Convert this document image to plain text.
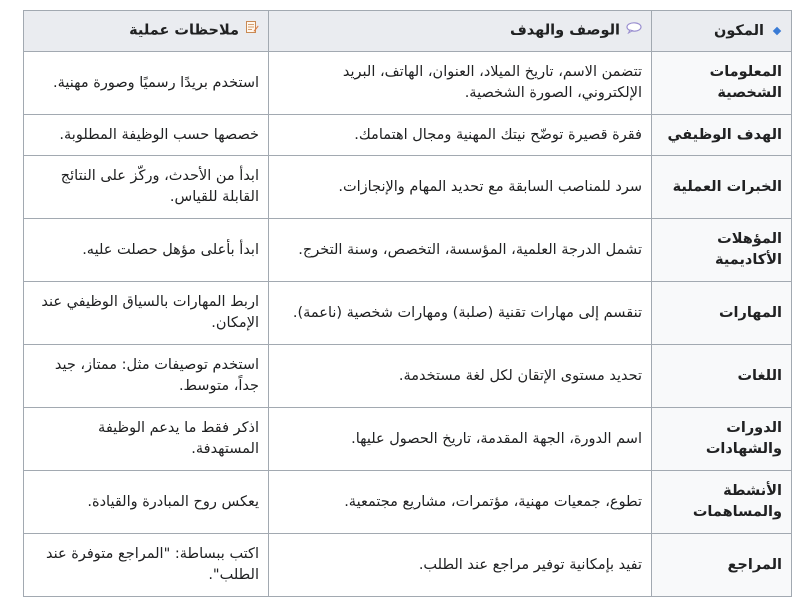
المكون	الوصف والهدف	ملاحظات عملية
المعلومات الشخصية	تتضمن الاسم، تاريخ الميلاد، العنوان، الهاتف، البريد الإلكتروني، الصورة الشخصية.	استخدم بريدًا رسميًا وصورة مهنية.
الهدف الوظيفي	فقرة قصيرة توضّح نيتك المهنية ومجال اهتمامك.	خصصها حسب الوظيفة المطلوبة.
الخبرات العملية	سرد للمناصب السابقة مع تحديد المهام والإنجازات.	ابدأ من الأحدث، وركّز على النتائج القابلة للقياس.
المؤهلات الأكاديمية	تشمل الدرجة العلمية، المؤسسة، التخصص، وسنة التخرج.	ابدأ بأعلى مؤهل حصلت عليه.
المهارات	تنقسم إلى مهارات تقنية (صلبة) ومهارات شخصية (ناعمة).	اربط المهارات بالسياق الوظيفي عند الإمكان.
اللغات	تحديد مستوى الإتقان لكل لغة مستخدمة.	استخدم توصيفات مثل: ممتاز، جيد جداً، متوسط.
الدورات والشهادات	اسم الدورة، الجهة المقدمة، تاريخ الحصول عليها.	اذكر فقط ما يدعم الوظيفة المستهدفة.
الأنشطة والمساهمات	تطوع، جمعيات مهنية، مؤتمرات، مشاريع مجتمعية.	يعكس روح المبادرة والقيادة.
المراجع	تفيد بإمكانية توفير مراجع عند الطلب.	اكتب ببساطة: "المراجع متوفرة عند الطلب".
